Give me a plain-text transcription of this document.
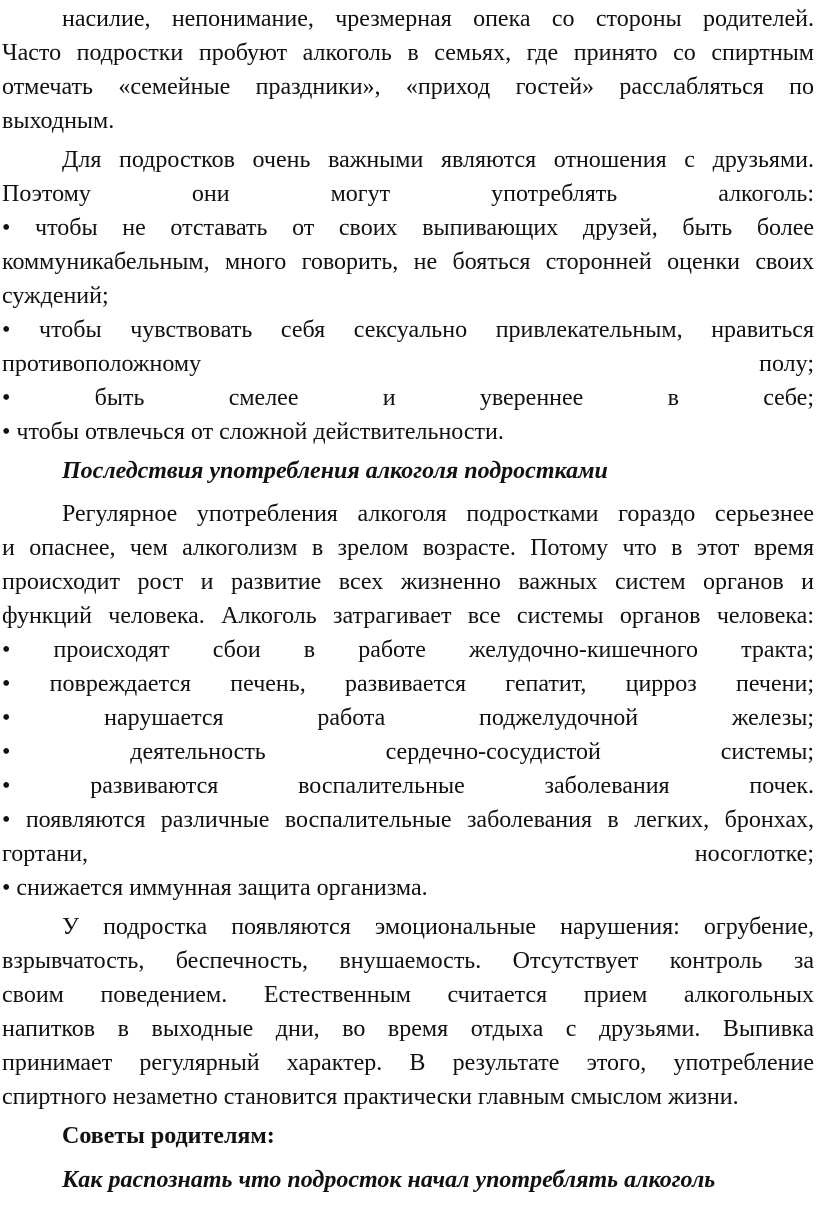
насилие, непонимание, чрезмерная опека со стороны родителей.
Часто подростки пробуют алкоголь в семьях, где принято со спиртным
отмечать «семейные праздники», «приход гостей» расслабляться по
выходным.
Для подростков очень важными являются отношения с друзьями.
Поэтому они могут употреблять алкоголь:
• чтобы не отставать от своих выпивающих друзей, быть более
коммуникабельным, много говорить, не бояться сторонней оценки своих
суждений;
• чтобы чувствовать себя сексуально привлекательным, нравиться
противоположному полу;
• быть смелее и увереннее в себе;
• чтобы отвлечься от сложной действительности.
Последствия употребления алкоголя подростками
Регулярное употребления алкоголя подростками гораздо серьезнее
и опаснее, чем алкоголизм в зрелом возрасте. Потому что в этот время
происходит рост и развитие всех жизненно важных систем органов и
функций человека. Алкоголь затрагивает все системы органов человека:
• происходят сбои в работе желудочно-кишечного тракта;
• повреждается печень, развивается гепатит, цирроз печени;
• нарушается работа поджелудочной железы;
• деятельность сердечно-сосудистой системы;
• развиваются воспалительные заболевания почек.
• появляются различные воспалительные заболевания в легких, бронхах,
гортани, носоглотке;
• снижается иммунная защита организма.
У подростка появляются эмоциональные нарушения: огрубение,
взрывчатость, беспечность, внушаемость. Отсутствует контроль за
своим поведением. Естественным считается прием алкогольных
напитков в выходные дни, во время отдыха с друзьями. Выпивка
принимает регулярный характер. В результате этого, употребление
спиртного незаметно становится практически главным смыслом жизни.
Советы родителям:
Как распознать что подросток начал употреблять алкоголь
